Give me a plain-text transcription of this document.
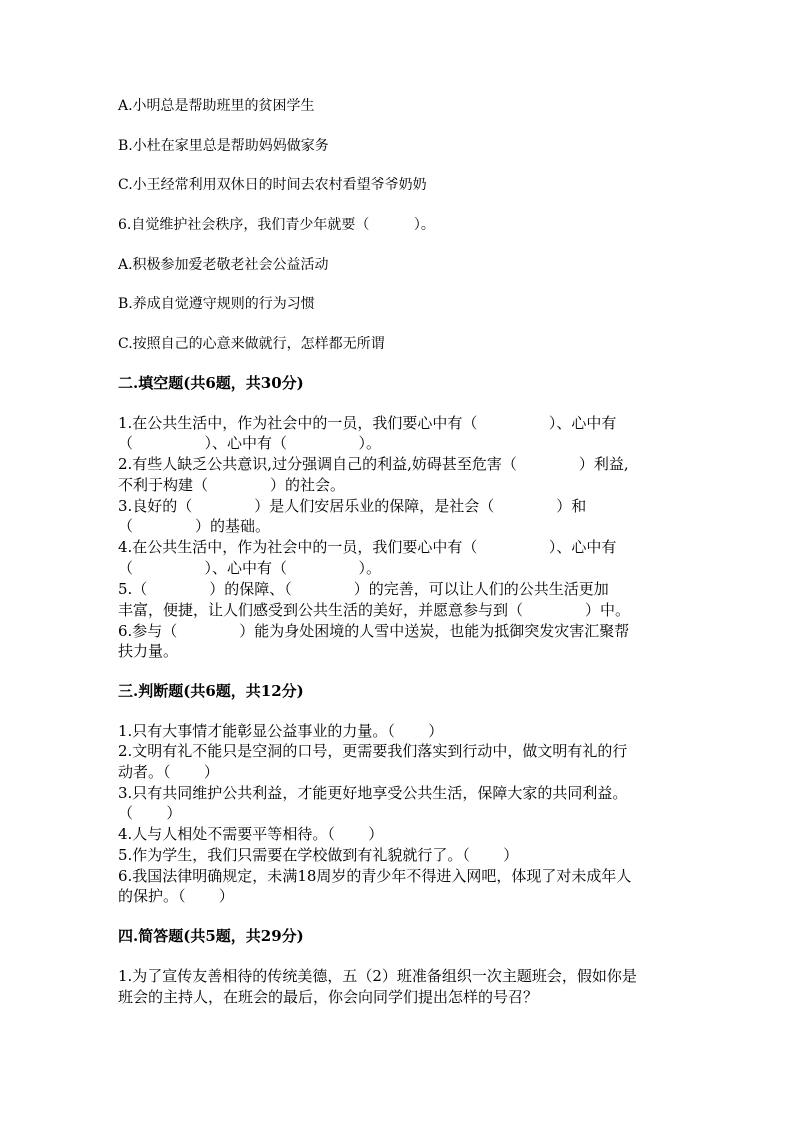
A.小明总是帮助班里的贫困学生
B.小杜在家里总是帮助妈妈做家务
C.小王经常利用双休日的时间去农村看望爷爷奶奶
6.自觉维护社会秩序，我们青少年就要（          ）。
A.积极参加爱老敬老社会公益活动
B.养成自觉遵守规则的行为习惯
C.按照自己的心意来做就行，怎样都无所谓
二.填空题(共6题，共30分)
1.在公共生活中，作为社会中的一员，我们要心中有（               ）、心中有
（               ）、心中有（               ）。
2.有些人缺乏公共意识,过分强调自己的利益,妨碍甚至危害（             ）利益,
不利于构建（             ）的社会。
3.良好的（             ）是人们安居乐业的保障，是社会（             ）和
（             ）的基础。
4.在公共生活中，作为社会中的一员，我们要心中有（               ）、心中有
（               ）、心中有（               ）。
5.（             ）的保障、（             ）的完善，可以让人们的公共生活更加
丰富，便捷，让人们感受到公共生活的美好，并愿意参与到（             ）中。
6.参与（             ）能为身处困境的人雪中送炭，也能为抵御突发灾害汇聚帮
扶力量。
三.判断题(共6题，共12分)
1.只有大事情才能彰显公益事业的力量。（       ）
2.文明有礼不能只是空洞的口号，更需要我们落实到行动中，做文明有礼的行
动者。（       ）
3.只有共同维护公共利益，才能更好地享受公共生活，保障大家的共同利益。
（       ）
4.人与人相处不需要平等相待。（       ）
5.作为学生，我们只需要在学校做到有礼貌就行了。（       ）
6.我国法律明确规定，未满18周岁的青少年不得进入网吧，体现了对未成年人
的保护。（       ）
四.简答题(共5题，共29分)
1.为了宣传友善相待的传统美德，五（2）班准备组织一次主题班会，假如你是
班会的主持人，在班会的最后，你会向同学们提出怎样的号召？
